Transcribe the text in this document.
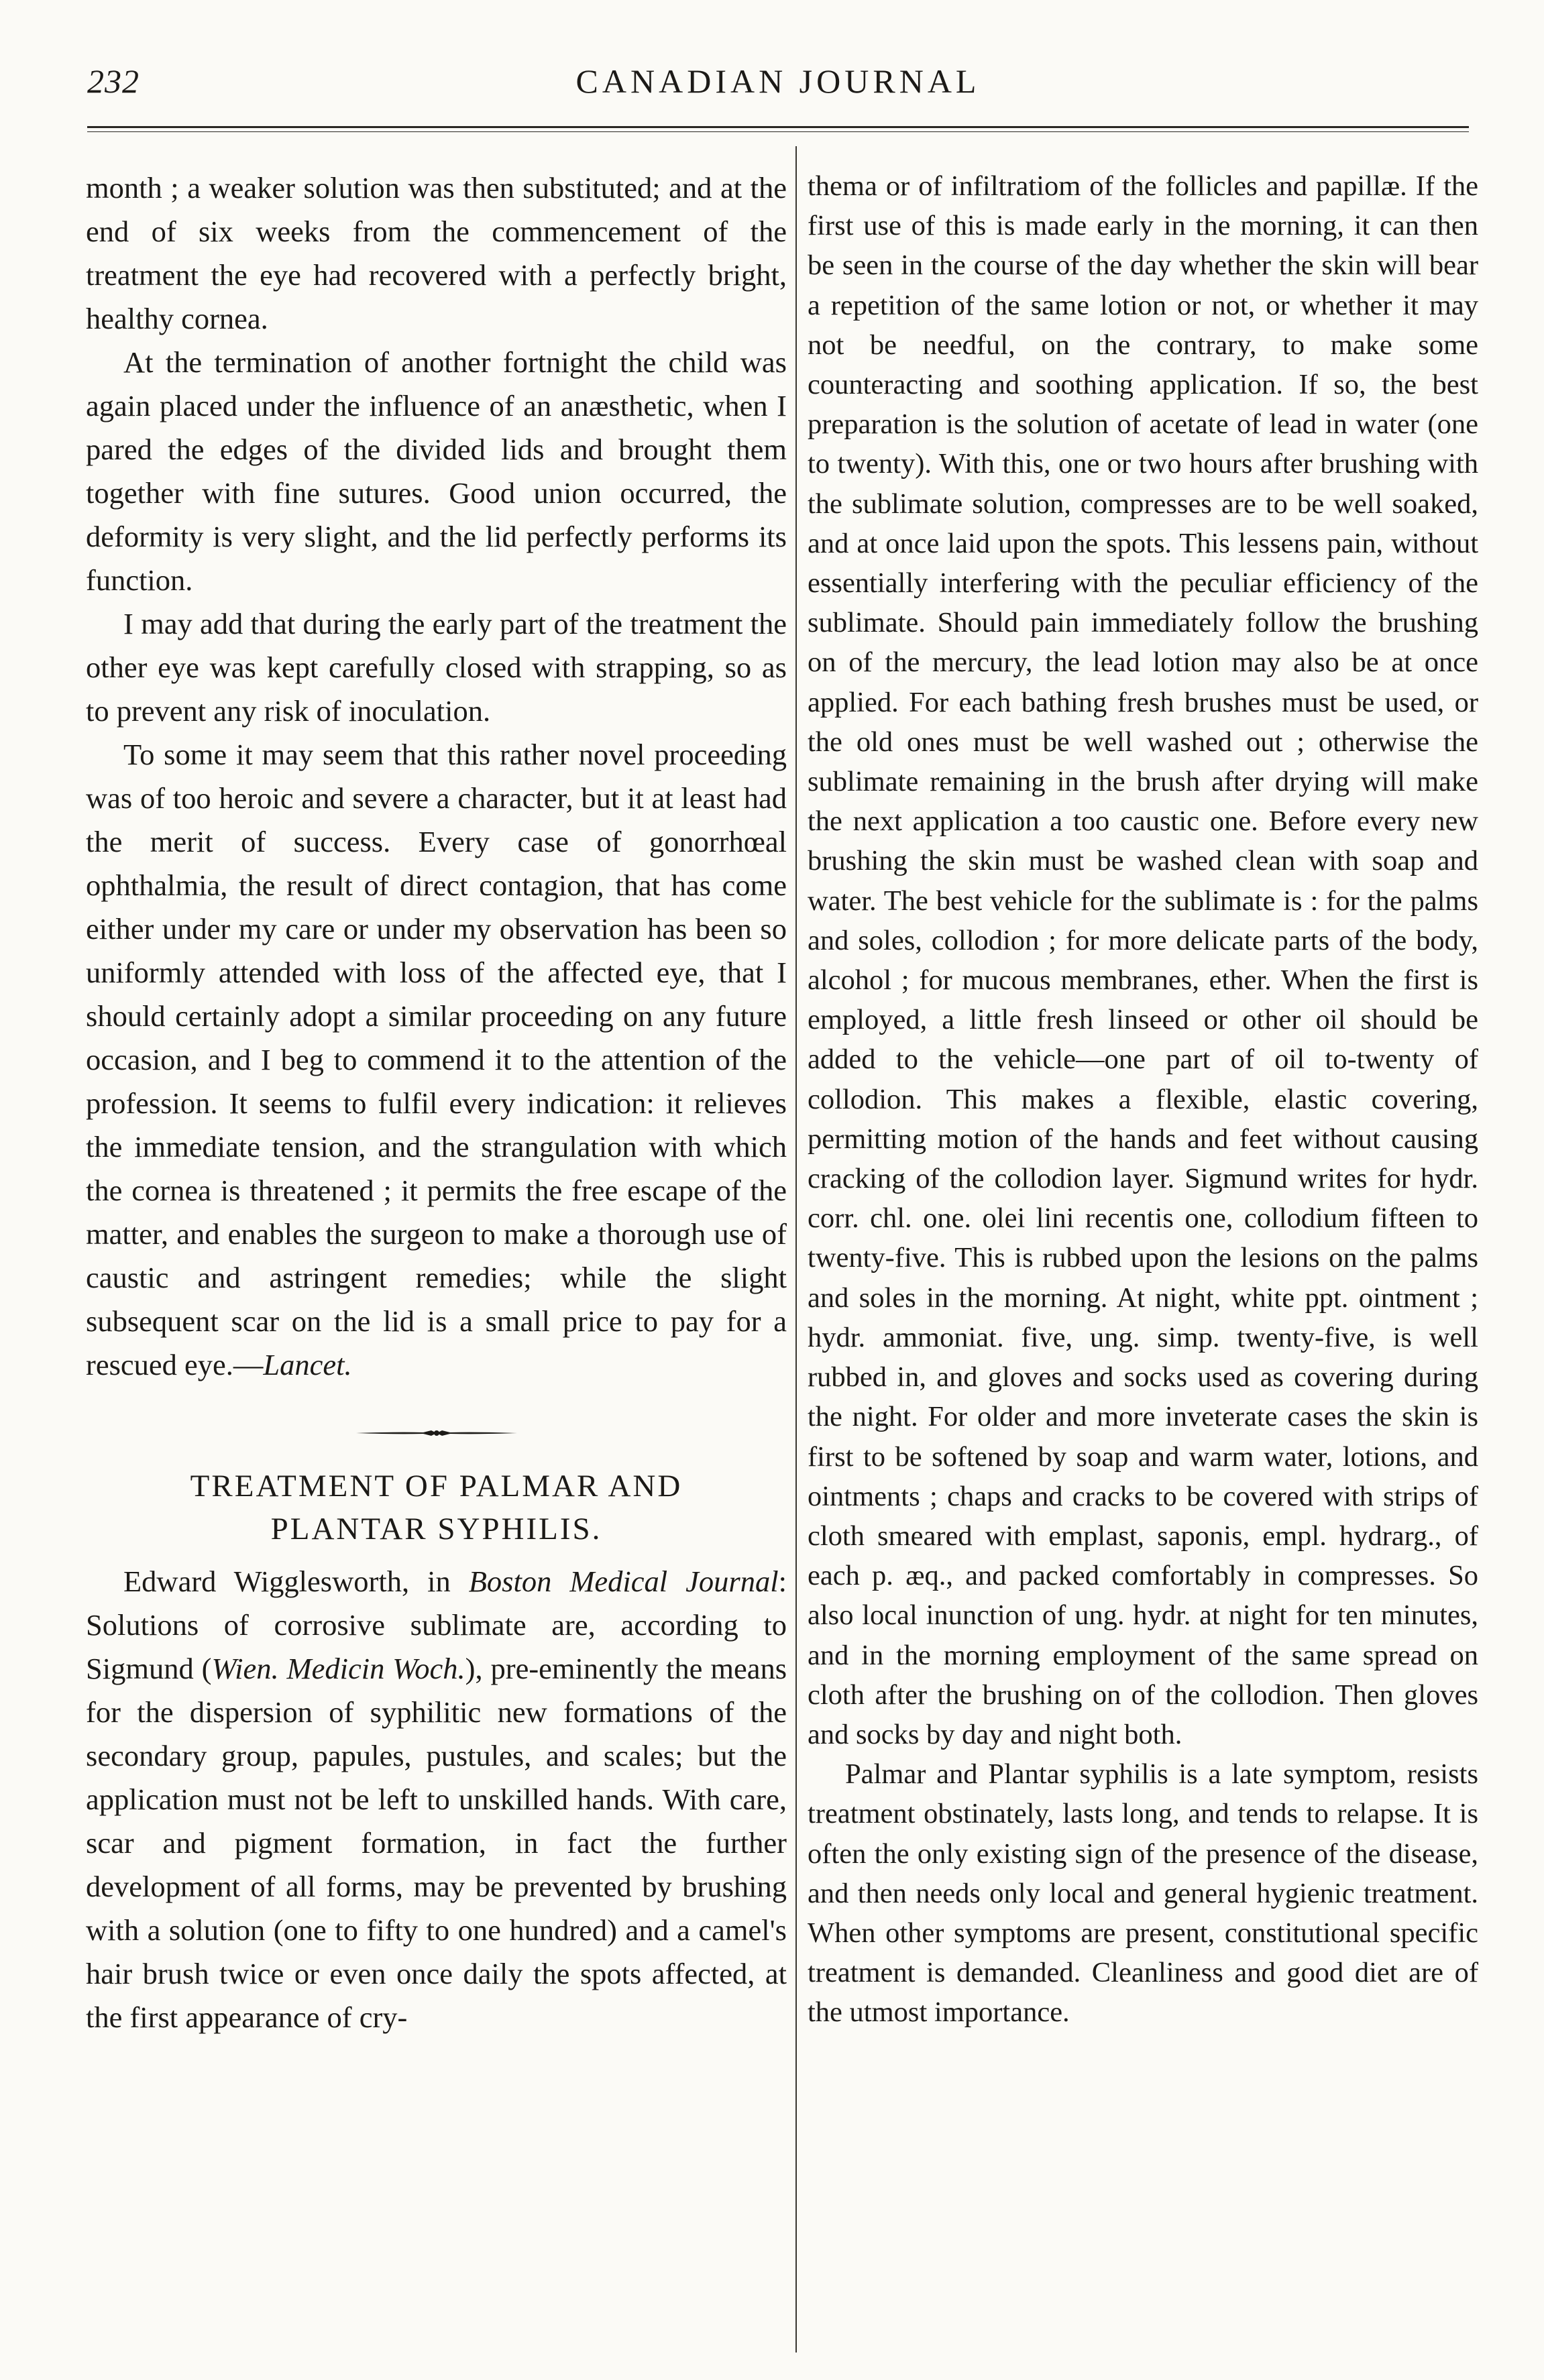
232	CANADIAN JOURNAL

month ; a weaker solution was then substituted; and at the end of six weeks from the commencement of the treatment the eye had recovered with a perfectly bright, healthy cornea.

At the termination of another fortnight the child was again placed under the influence of an anæsthetic, when I pared the edges of the divided lids and brought them together with fine sutures. Good union occurred, the deformity is very slight, and the lid perfectly performs its function.

I may add that during the early part of the treatment the other eye was kept carefully closed with strapping, so as to prevent any risk of inoculation.

To some it may seem that this rather novel proceeding was of too heroic and severe a character, but it at least had the merit of success. Every case of gonorrhœal ophthalmia, the result of direct contagion, that has come either under my care or under my observation has been so uniformly attended with loss of the affected eye, that I should certainly adopt a similar proceeding on any future occasion, and I beg to commend it to the attention of the profession. It seems to fulfil every indication: it relieves the immediate tension, and the strangulation with which the cornea is threatened ; it permits the free escape of the matter, and enables the surgeon to make a thorough use of caustic and astringent remedies; while the slight subsequent scar on the lid is a small price to pay for a rescued eye.—Lancet.

TREATMENT OF PALMAR AND
PLANTAR SYPHILIS.

Edward Wigglesworth, in Boston Medical Journal: Solutions of corrosive sublimate are, according to Sigmund (Wien. Medicin Woch.), pre-eminently the means for the dispersion of syphilitic new formations of the secondary group, papules, pustules, and scales; but the application must not be left to unskilled hands. With care, scar and pigment formation, in fact the further development of all forms, may be prevented by brushing with a solution (one to fifty to one hundred) and a camel's hair brush twice or even once daily the spots affected, at the first appearance of cry-

thema or of infiltratiom of the follicles and papillæ. If the first use of this is made early in the morning, it can then be seen in the course of the day whether the skin will bear a repetition of the same lotion or not, or whether it may not be needful, on the contrary, to make some counteracting and soothing application. If so, the best preparation is the solution of acetate of lead in water (one to twenty). With this, one or two hours after brushing with the sublimate solution, compresses are to be well soaked, and at once laid upon the spots. This lessens pain, without essentially interfering with the peculiar efficiency of the sublimate. Should pain immediately follow the brushing on of the mercury, the lead lotion may also be at once applied. For each bathing fresh brushes must be used, or the old ones must be well washed out ; otherwise the sublimate remaining in the brush after drying will make the next application a too caustic one. Before every new brushing the skin must be washed clean with soap and water. The best vehicle for the sublimate is : for the palms and soles, collodion ; for more delicate parts of the body, alcohol ; for mucous membranes, ether. When the first is employed, a little fresh linseed or other oil should be added to the vehicle—one part of oil to-twenty of collodion. This makes a flexible, elastic covering, permitting motion of the hands and feet without causing cracking of the collodion layer. Sigmund writes for hydr. corr. chl. one. olei lini recentis one, collodium fifteen to twenty-five. This is rubbed upon the lesions on the palms and soles in the morning. At night, white ppt. ointment ; hydr. ammoniat. five, ung. simp. twenty-five, is well rubbed in, and gloves and socks used as covering during the night. For older and more inveterate cases the skin is first to be softened by soap and warm water, lotions, and ointments ; chaps and cracks to be covered with strips of cloth smeared with emplast, saponis, empl. hydrarg., of each p. æq., and packed comfortably in compresses. So also local inunction of ung. hydr. at night for ten minutes, and in the morning employment of the same spread on cloth after the brushing on of the collodion. Then gloves and socks by day and night both.

Palmar and Plantar syphilis is a late symptom, resists treatment obstinately, lasts long, and tends to relapse. It is often the only existing sign of the presence of the disease, and then needs only local and general hygienic treatment. When other symptoms are present, constitutional specific treatment is demanded. Cleanliness and good diet are of the utmost importance.
